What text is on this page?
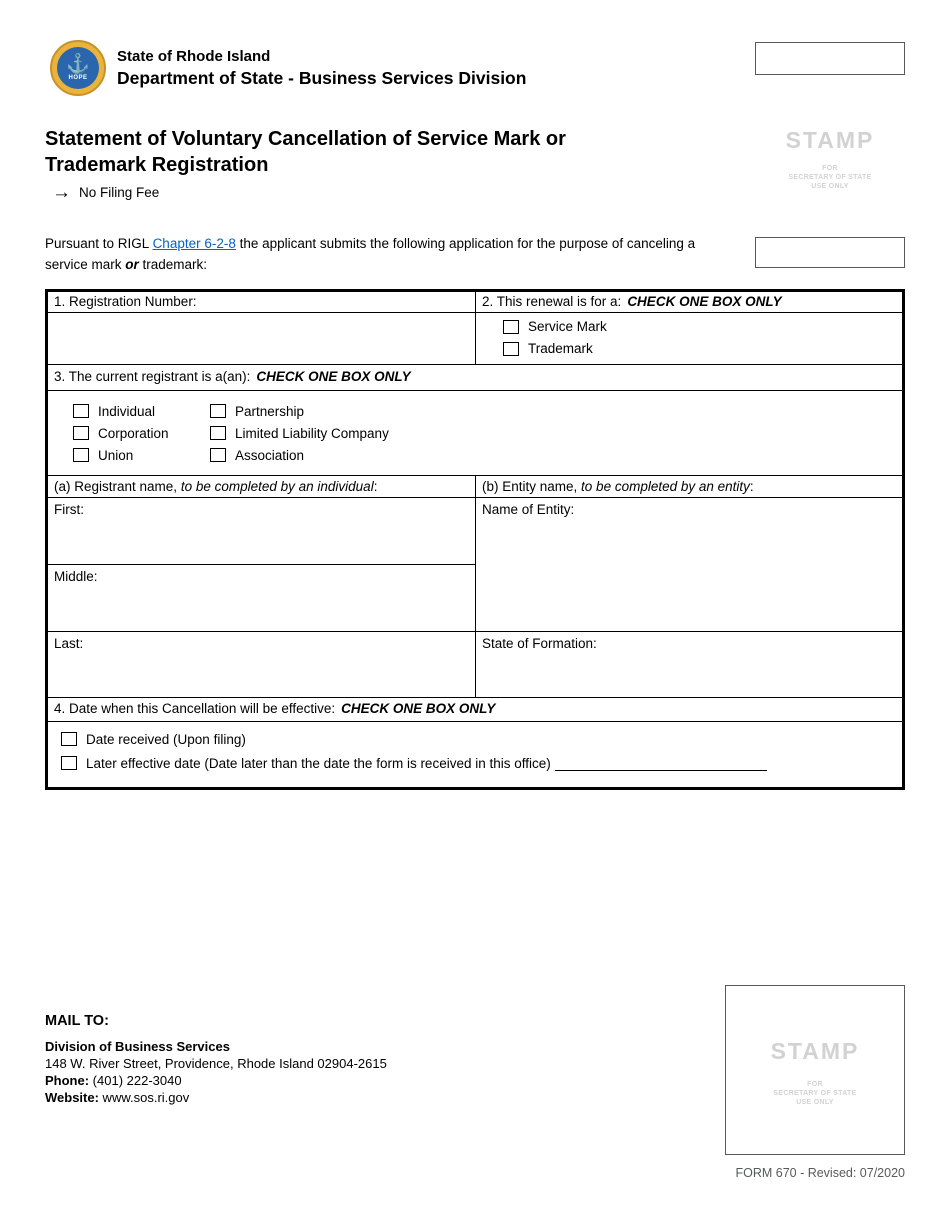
⚓
HOPE
State of Rhode Island
Department of State - Business Services Division
STAMP
FOR
SECRETARY OF STATE
USE ONLY
Statement of Voluntary Cancellation of Service Mark or Trademark Registration
→ No Filing Fee

Pursuant to RIGL Chapter 6-2-8 the applicant submits the following application for the purpose of canceling a service mark or trademark:

1. Registration Number:	2. This renewal is for a: CHECK ONE BOX ONLY
Service Mark
Trademark
3. The current registrant is a(an): CHECK ONE BOX ONLY
Individual	Partnership
Corporation	Limited Liability Company
Union	Association
(a) Registrant name, to be completed by an individual:	(b) Entity name, to be completed by an entity:
First:
Middle:
Last:
Name of Entity:
State of Formation:
4. Date when this Cancellation will be effective: CHECK ONE BOX ONLY
Date received (Upon filing)
Later effective date (Date later than the date the form is received in this office)
MAIL TO:
Division of Business Services
148 W. River Street, Providence, Rhode Island 02904-2615
Phone: (401) 222-3040
Website: www.sos.ri.gov
STAMP
FOR
SECRETARY OF STATE
USE ONLY
FORM 670 - Revised: 07/2020
